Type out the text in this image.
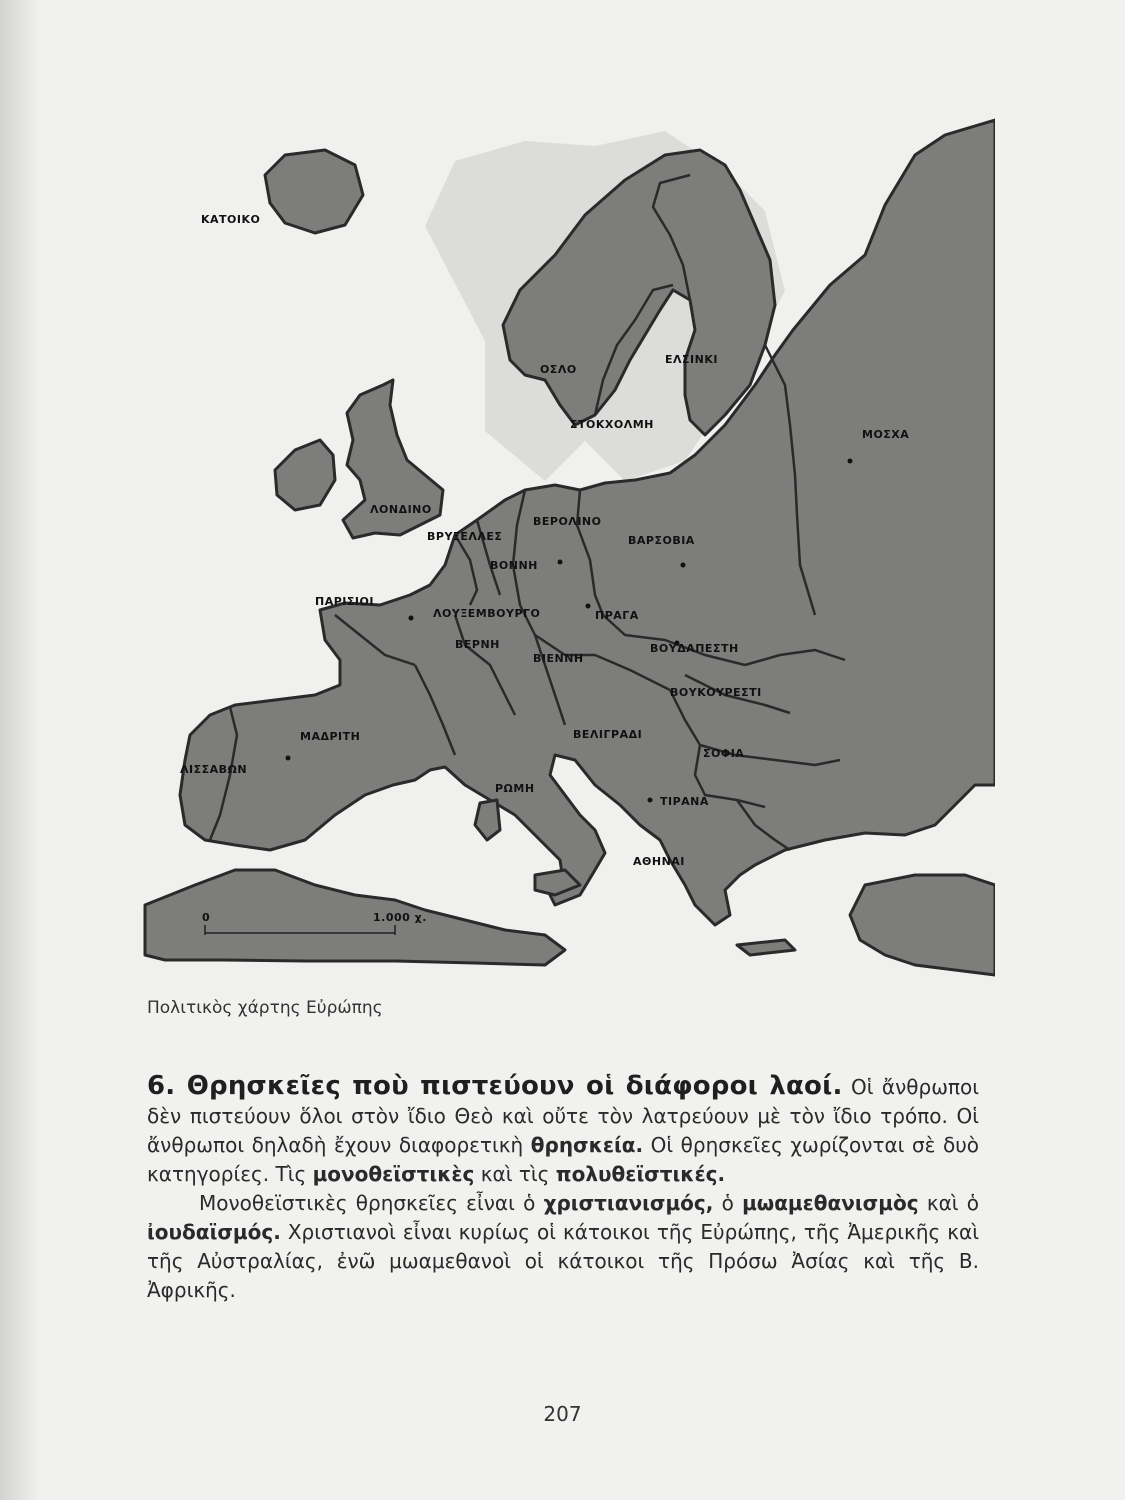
0	1.000 χ.
ΚΑΤΟΙΚΟ
ΟΣΛΟ
ΕΛΣΙΝΚΙ
ΣΤΟΚΧΟΛΜΗ
ΜΟΣΧΑ
ΛΟΝΔΙΝΟ
ΒΡΥΞΕΛΛΕΣ
ΒΕΡΟΛΙΝΟ
ΒΑΡΣΟΒΙΑ
ΒΟΝΝΗ
ΠΑΡΙΣΙΟΙ
ΛΟΥΞΕΜΒΟΥΡΓΟ	ΠΡΑΓΑ
ΒΕΡΝΗ
ΒΙΕΝΝΗ
ΒΟΥΔΑΠΕΣΤΗ
ΒΟΥΚΟΥΡΕΣΤΙ
ΒΕΛΙΓΡΑΔΙ
ΜΑΔΡΙΤΗ
ΣΟΦΙΑ
ΛΙΣΣΑΒΩΝ
ΡΩΜΗ
ΤΙΡΑΝΑ
ΑΘΗΝΑΙ
Πολιτικὸς χάρτης Εὐρώπης

6. Θρησκεῖες ποὺ πιστεύουν οἱ διάφοροι λαοί. Οἱ ἄνθρωποι δὲν πιστεύουν ὅλοι στὸν ἴδιο Θεὸ καὶ οὔτε τὸν λατρεύουν μὲ τὸν ἴδιο τρόπο. Οἱ ἄνθρωποι δηλαδὴ ἔχουν διαφορετικὴ θρησκεία. Οἱ θρησκεῖες χωρίζονται σὲ δυὸ κατηγορίες. Τὶς μονοθεϊστικὲς καὶ τὶς πολυθεϊστικές.

Μονοθεϊστικὲς θρησκεῖες εἶναι ὁ χριστιανισμός, ὁ μωαμεθανισμὸς καὶ ὁ ἰουδαϊσμός. Χριστιανοὶ εἶναι κυρίως οἱ κάτοικοι τῆς Εὐρώπης, τῆς Ἀμερικῆς καὶ τῆς Αὐστραλίας, ἐνῶ μωαμεθανοὶ οἱ κάτοικοι τῆς Πρόσω Ἀσίας καὶ τῆς Β. Ἀφρικῆς.

207
